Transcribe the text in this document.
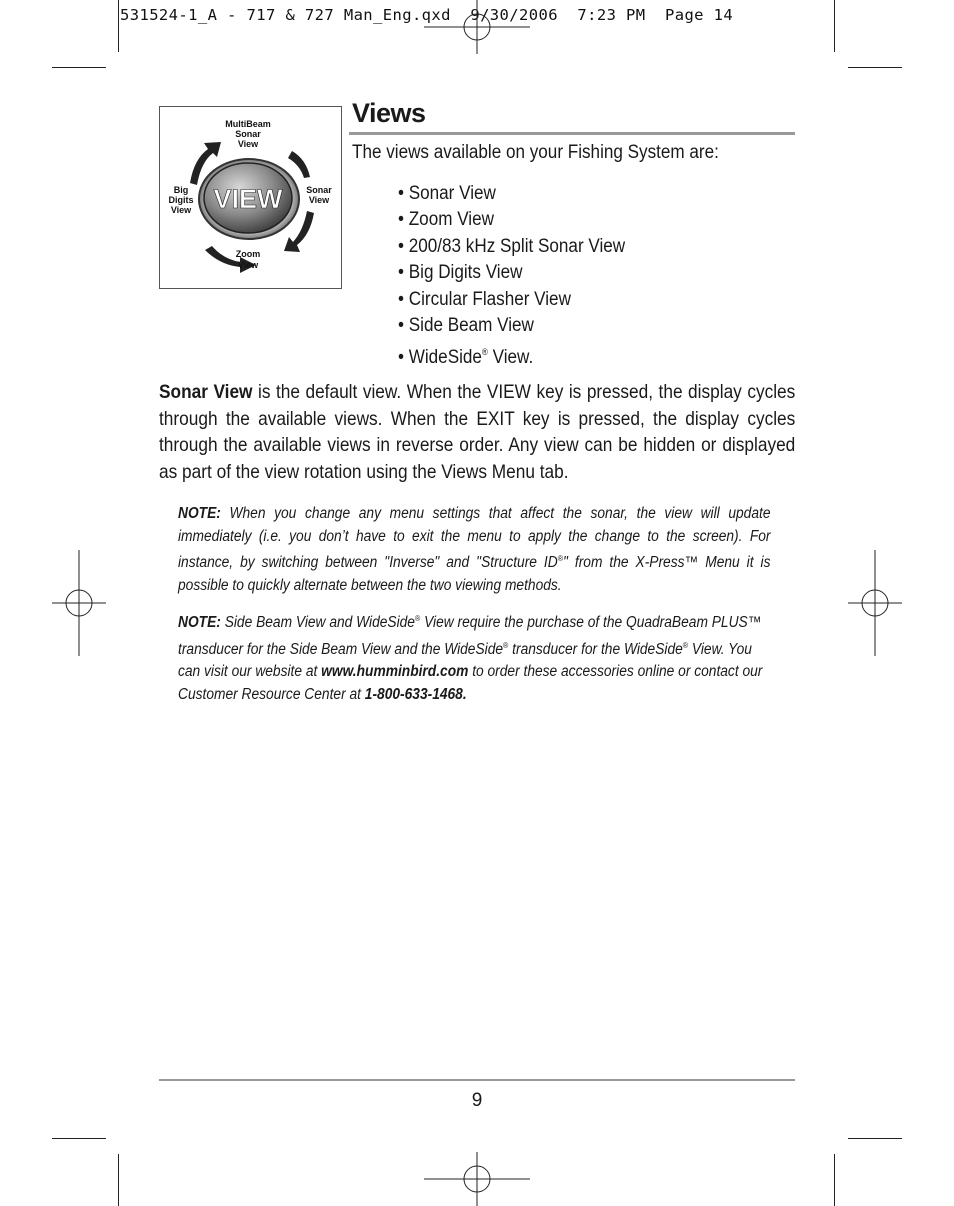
531524-1_A - 717 & 727 Man_Eng.qxd  9/30/2006  7:23 PM  Page 14
VIEW
MultiBeam
Sonar
View
Sonar
View
Zoom
View
Big
Digits
View
Views
The views available on your Fishing System are:
• Sonar View
• Zoom View
• 200/83 kHz Split Sonar View
• Big Digits View
• Circular Flasher View
• Side Beam View
• WideSide® View.

Sonar View is the default view. When the VIEW key is pressed, the display cycles through the available views. When the EXIT key is pressed, the display cycles through the available views in reverse order. Any view can be hidden or displayed as part of the view rotation using the Views Menu tab.

NOTE: When you change any menu settings that affect the sonar, the view will update immediately (i.e. you don’t have to exit the menu to apply the change to the screen). For instance, by switching between "Inverse" and "Structure ID®" from the X-Press™ Menu it is possible to quickly alternate between the two viewing methods.

NOTE: Side Beam View and WideSide® View require the purchase of the QuadraBeam PLUS™ transducer for the Side Beam View and the WideSide® transducer for the WideSide® View. You can visit our website at www.humminbird.com to order these accessories online or contact our Customer Resource Center at 1-800-633-1468.

9
